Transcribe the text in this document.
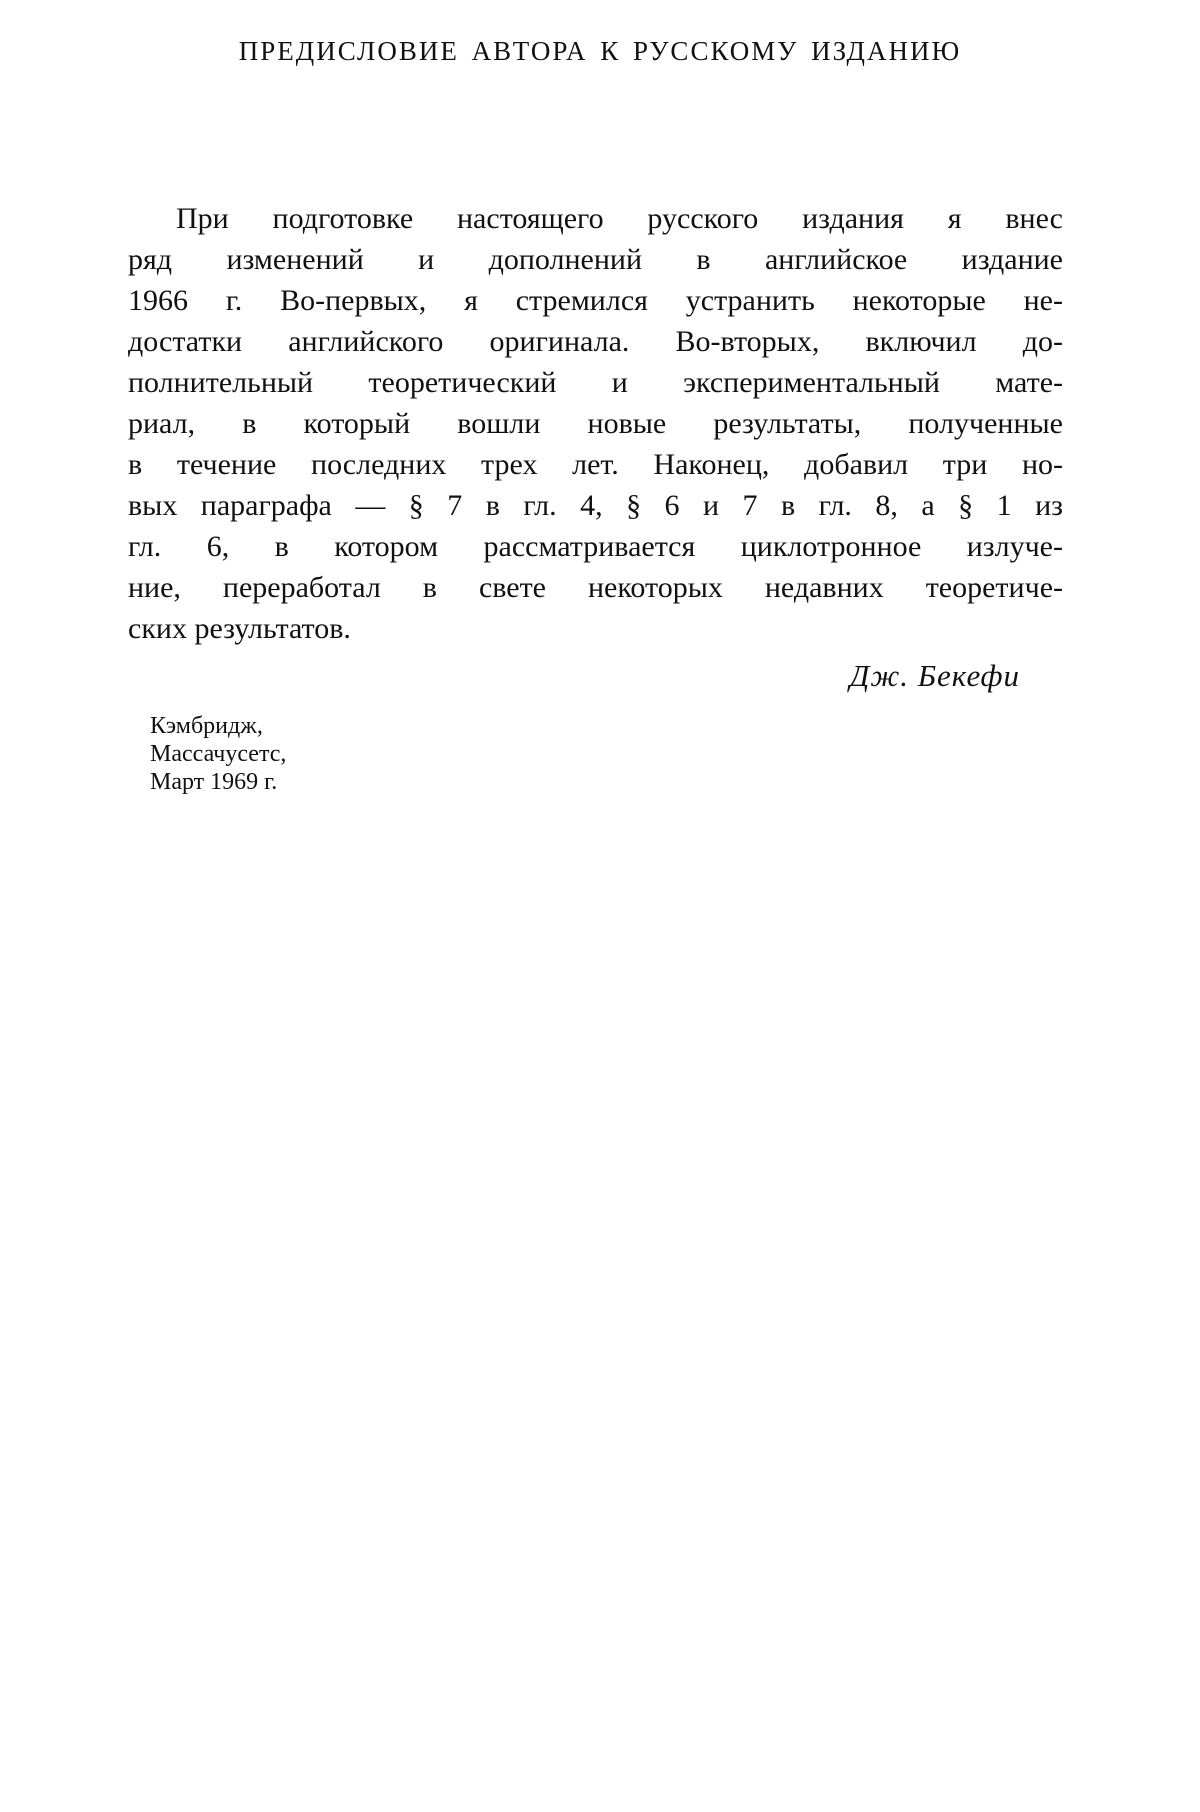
ПРЕДИСЛОВИЕ АВТОРА К РУССКОМУ ИЗДАНИЮ
При подготовке настоящего русского издания я внес
ряд изменений и дополнений в английское издание
1966 г. Во-первых, я стремился устранить некоторые не-
достатки английского оригинала. Во-вторых, включил до-
полнительный теоретический и экспериментальный мате-
риал, в который вошли новые результаты, полученные
в течение последних трех лет. Наконец, добавил три но-
вых параграфа — § 7 в гл. 4, § 6 и 7 в гл. 8, а § 1 из
гл. 6, в котором рассматривается циклотронное излуче-
ние, переработал в свете некоторых недавних теоретиче-
ских результатов.
Дж. Бекефи
Кэмбридж,
Массачусетс,
Март 1969 г.
